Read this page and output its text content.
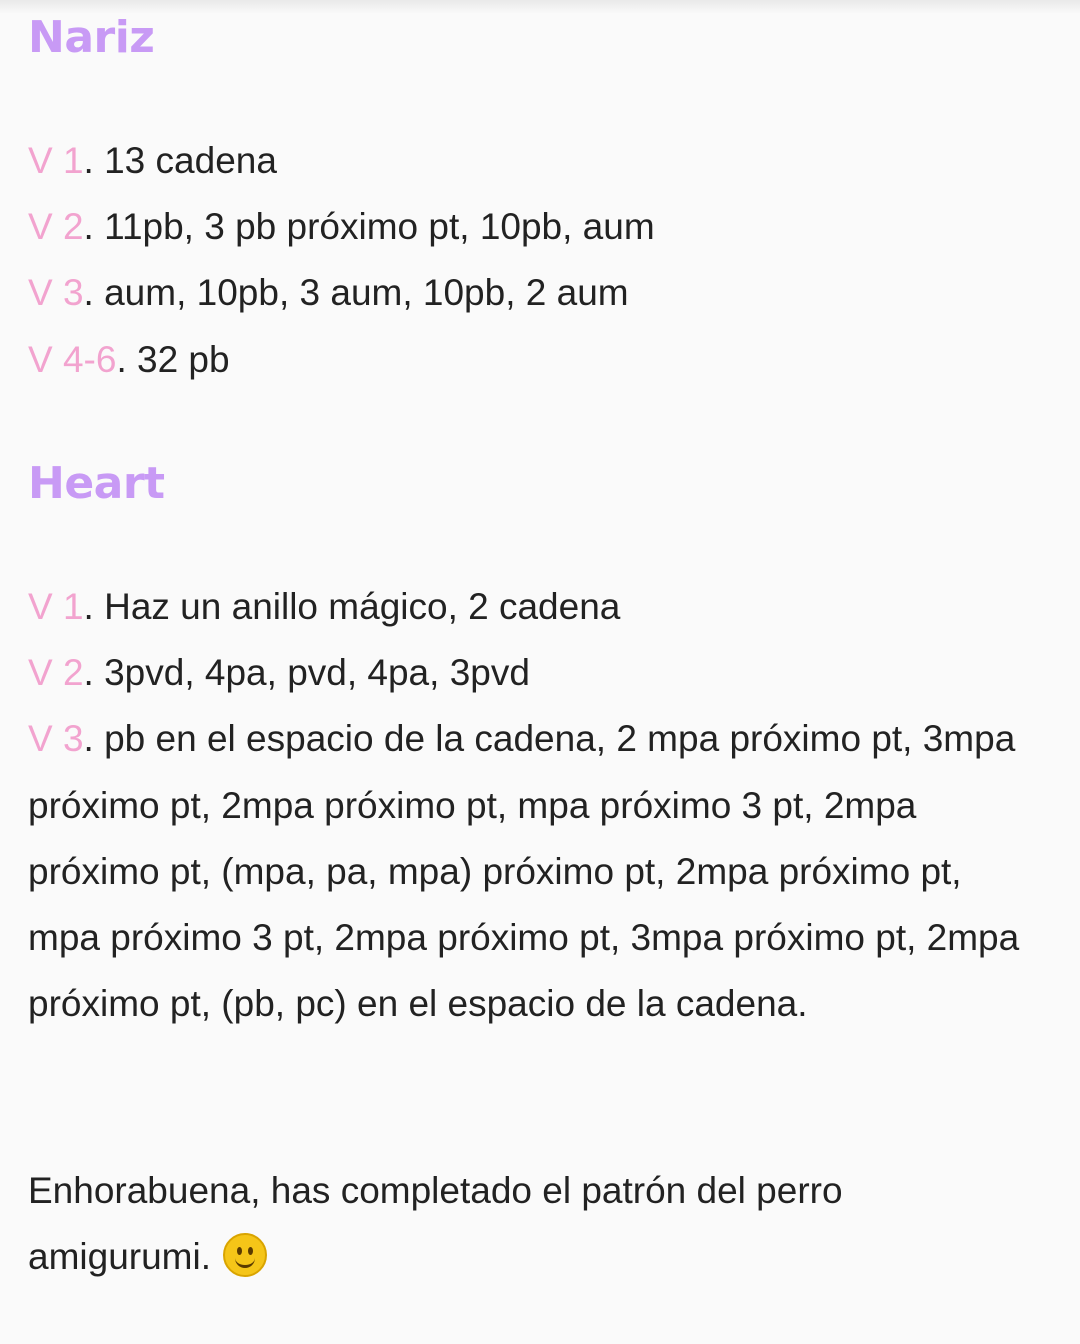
Nariz
V 1. 13 cadena
V 2. 11pb, 3 pb próximo pt, 10pb, aum
V 3. aum, 10pb, 3 aum, 10pb, 2 aum
V 4-6. 32 pb
Heart
V 1. Haz un anillo mágico, 2 cadena
V 2. 3pvd, 4pa, pvd, 4pa, 3pvd
V 3. pb en el espacio de la cadena, 2 mpa próximo pt, 3mpa próximo pt, 2mpa próximo pt, mpa próximo 3 pt, 2mpa próximo pt, (mpa, pa, mpa) próximo pt, 2mpa próximo pt, mpa próximo 3 pt, 2mpa próximo pt, 3mpa próximo pt, 2mpa próximo pt, (pb, pc) en el espacio de la cadena.

Enhorabuena, has completado el patrón del perro amigurumi.
